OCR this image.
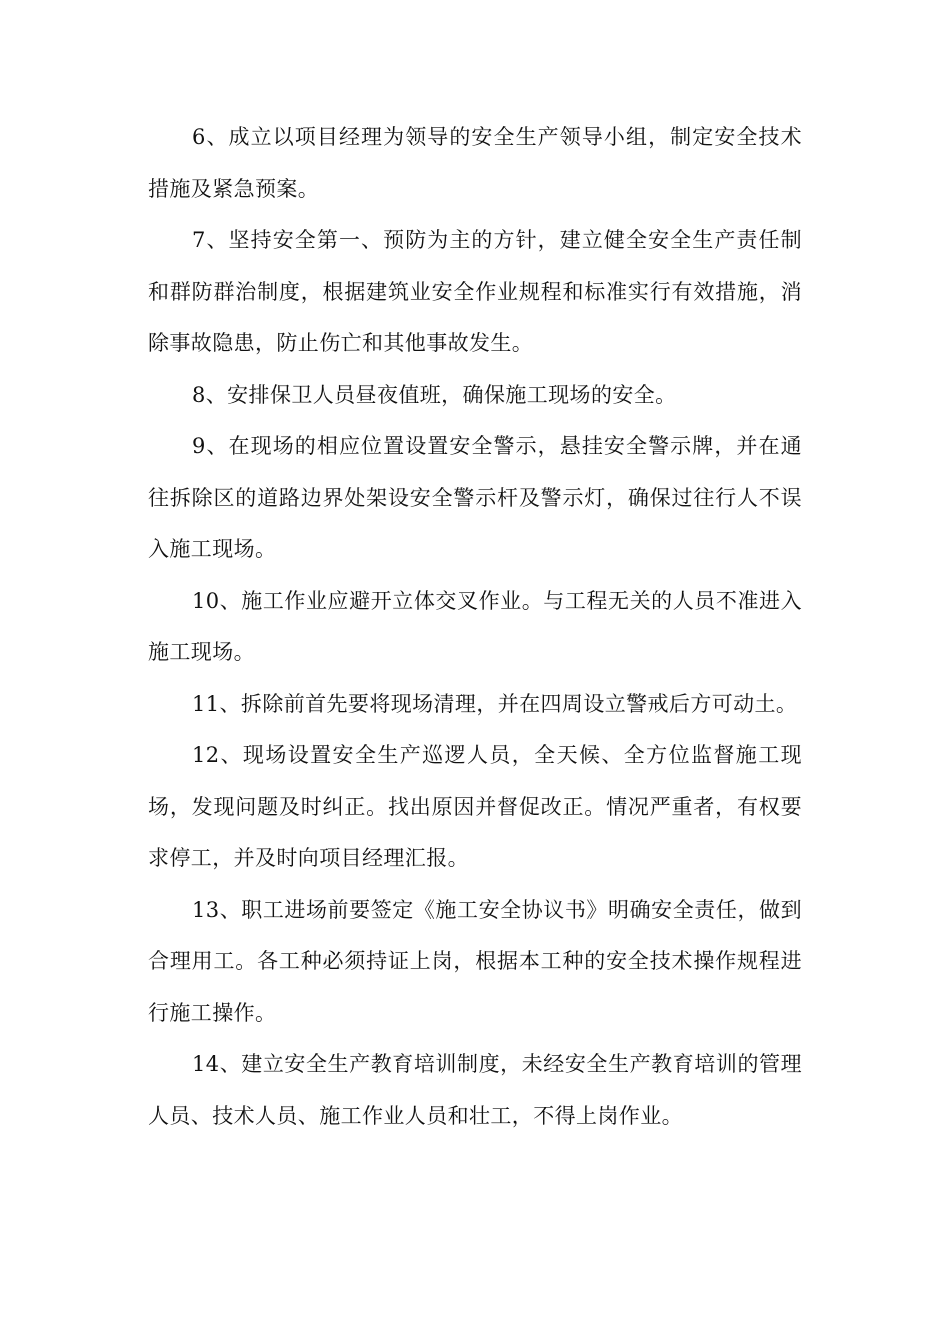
6、成立以项目经理为领导的安全生产领导小组，制定安全技术措施及紧急预案。

7、坚持安全第一、预防为主的方针，建立健全安全生产责任制和群防群治制度，根据建筑业安全作业规程和标准实行有效措施，消除事故隐患，防止伤亡和其他事故发生。

8、安排保卫人员昼夜值班，确保施工现场的安全。

9、在现场的相应位置设置安全警示，悬挂安全警示牌，并在通往拆除区的道路边界处架设安全警示杆及警示灯，确保过往行人不误入施工现场。

10、施工作业应避开立体交叉作业。与工程无关的人员不准进入施工现场。

11、拆除前首先要将现场清理，并在四周设立警戒后方可动土。

12、现场设置安全生产巡逻人员，全天候、全方位监督施工现场，发现问题及时纠正。找出原因并督促改正。情况严重者，有权要求停工，并及时向项目经理汇报。

13、职工进场前要签定《施工安全协议书》明确安全责任，做到合理用工。各工种必须持证上岗，根据本工种的安全技术操作规程进行施工操作。

14、建立安全生产教育培训制度，未经安全生产教育培训的管理人员、技术人员、施工作业人员和壮工，不得上岗作业。
